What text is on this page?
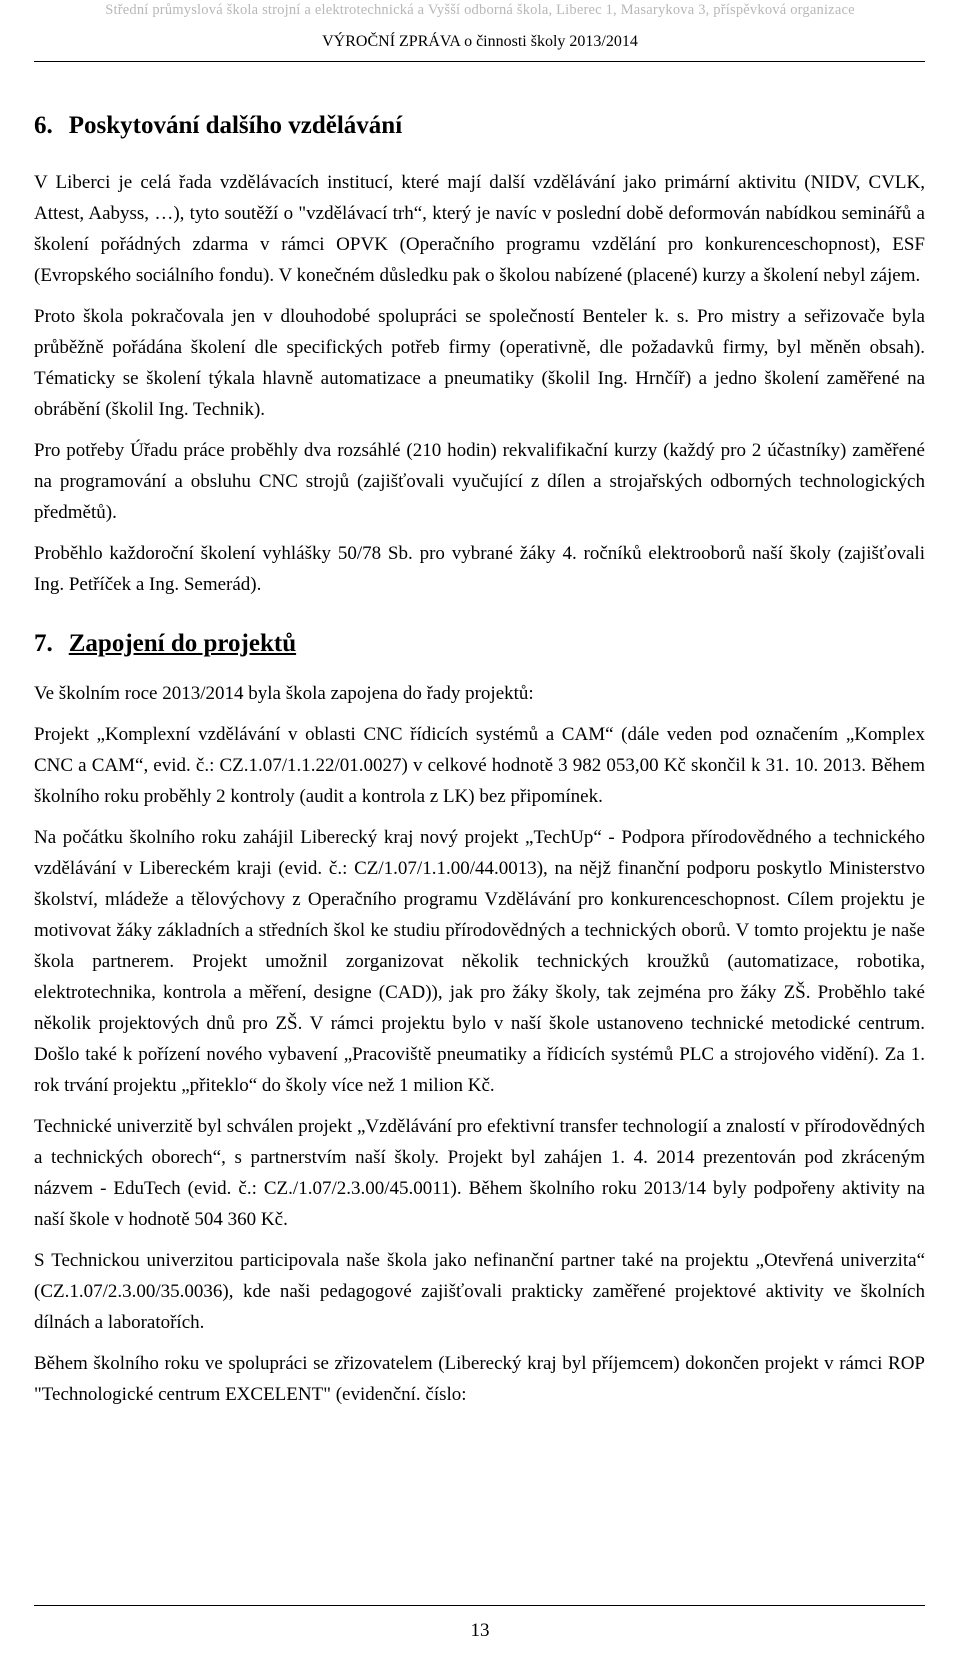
Střední průmyslová škola strojní a elektrotechnická a Vyšší odborná škola, Liberec 1, Masarykova 3, příspěvková organizace
VÝROČNÍ ZPRÁVA o činnosti školy 2013/2014
6. Poskytování dalšího vzdělávání

V Liberci je celá řada vzdělávacích institucí, které mají další vzdělávání jako primární aktivitu (NIDV, CVLK, Attest, Aabyss, …), tyto soutěží o "vzdělávací trh“, který je navíc v poslední době deformován nabídkou seminářů a školení pořádných zdarma v rámci OPVK (Operačního programu vzdělání pro konkurenceschopnost), ESF (Evropského sociálního fondu). V konečném důsledku pak o školou nabízené (placené) kurzy a školení nebyl zájem.

Proto škola pokračovala jen v dlouhodobé spolupráci se společností Benteler k. s. Pro mistry a seřizovače byla průběžně pořádána školení dle specifických potřeb firmy (operativně, dle požadavků firmy, byl měněn obsah). Tématicky se školení týkala hlavně automatizace a pneumatiky (školil Ing. Hrnčíř) a jedno školení zaměřené na obrábění (školil Ing. Technik).

Pro potřeby Úřadu práce proběhly dva rozsáhlé (210 hodin) rekvalifikační kurzy (každý pro 2 účastníky) zaměřené na programování a obsluhu CNC strojů (zajišťovali vyučující z dílen a strojařských odborných technologických předmětů).

Proběhlo každoroční školení vyhlášky 50/78 Sb. pro vybrané žáky 4. ročníků elektrooborů naší školy (zajišťovali Ing. Petříček a Ing. Semerád).

7. Zapojení do projektů

Ve školním roce 2013/2014 byla škola zapojena do řady projektů:

Projekt „Komplexní vzdělávání v oblasti CNC řídicích systémů a CAM“ (dále veden pod označením „Komplex CNC a CAM“, evid. č.: CZ.1.07/1.1.22/01.0027) v celkové hodnotě 3 982 053,00 Kč skončil k 31. 10. 2013. Během školního roku proběhly 2 kontroly (audit a kontrola z LK) bez připomínek.

Na počátku školního roku zahájil Liberecký kraj nový projekt „TechUp“ - Podpora přírodovědného a technického vzdělávání v Libereckém kraji (evid. č.: CZ/1.07/1.1.00/44.0013), na nějž finanční podporu poskytlo Ministerstvo školství, mládeže a tělovýchovy z Operačního programu Vzdělávání pro konkurenceschopnost. Cílem projektu je motivovat žáky základních a středních škol ke studiu přírodovědných a technických oborů. V tomto projektu je naše škola partnerem. Projekt umožnil zorganizovat několik technických kroužků (automatizace, robotika, elektrotechnika, kontrola a měření, designe (CAD)), jak pro žáky školy, tak zejména pro žáky ZŠ. Proběhlo také několik projektových dnů pro ZŠ. V rámci projektu bylo v naší škole ustanoveno technické metodické centrum. Došlo také k pořízení nového vybavení „Pracoviště pneumatiky a řídicích systémů PLC a strojového vidění). Za 1. rok trvání projektu „přiteklo“ do školy více než 1 milion Kč.

Technické univerzitě byl schválen projekt „Vzdělávání pro efektivní transfer technologií a znalostí v přírodovědných a technických oborech“, s partnerstvím naší školy. Projekt byl zahájen 1. 4. 2014 prezentován pod zkráceným názvem - EduTech (evid. č.: CZ./1.07/2.3.00/45.0011). Během školního roku 2013/14 byly podpořeny aktivity na naší škole v hodnotě 504 360 Kč.

S Technickou univerzitou participovala naše škola jako nefinanční partner také na projektu „Otevřená univerzita“ (CZ.1.07/2.3.00/35.0036), kde naši pedagogové zajišťovali prakticky zaměřené projektové aktivity ve školních dílnách a laboratořích.

Během školního roku ve spolupráci se zřizovatelem (Liberecký kraj byl příjemcem) dokončen projekt v rámci ROP "Technologické centrum EXCELENT" (evidenční. číslo:

13
